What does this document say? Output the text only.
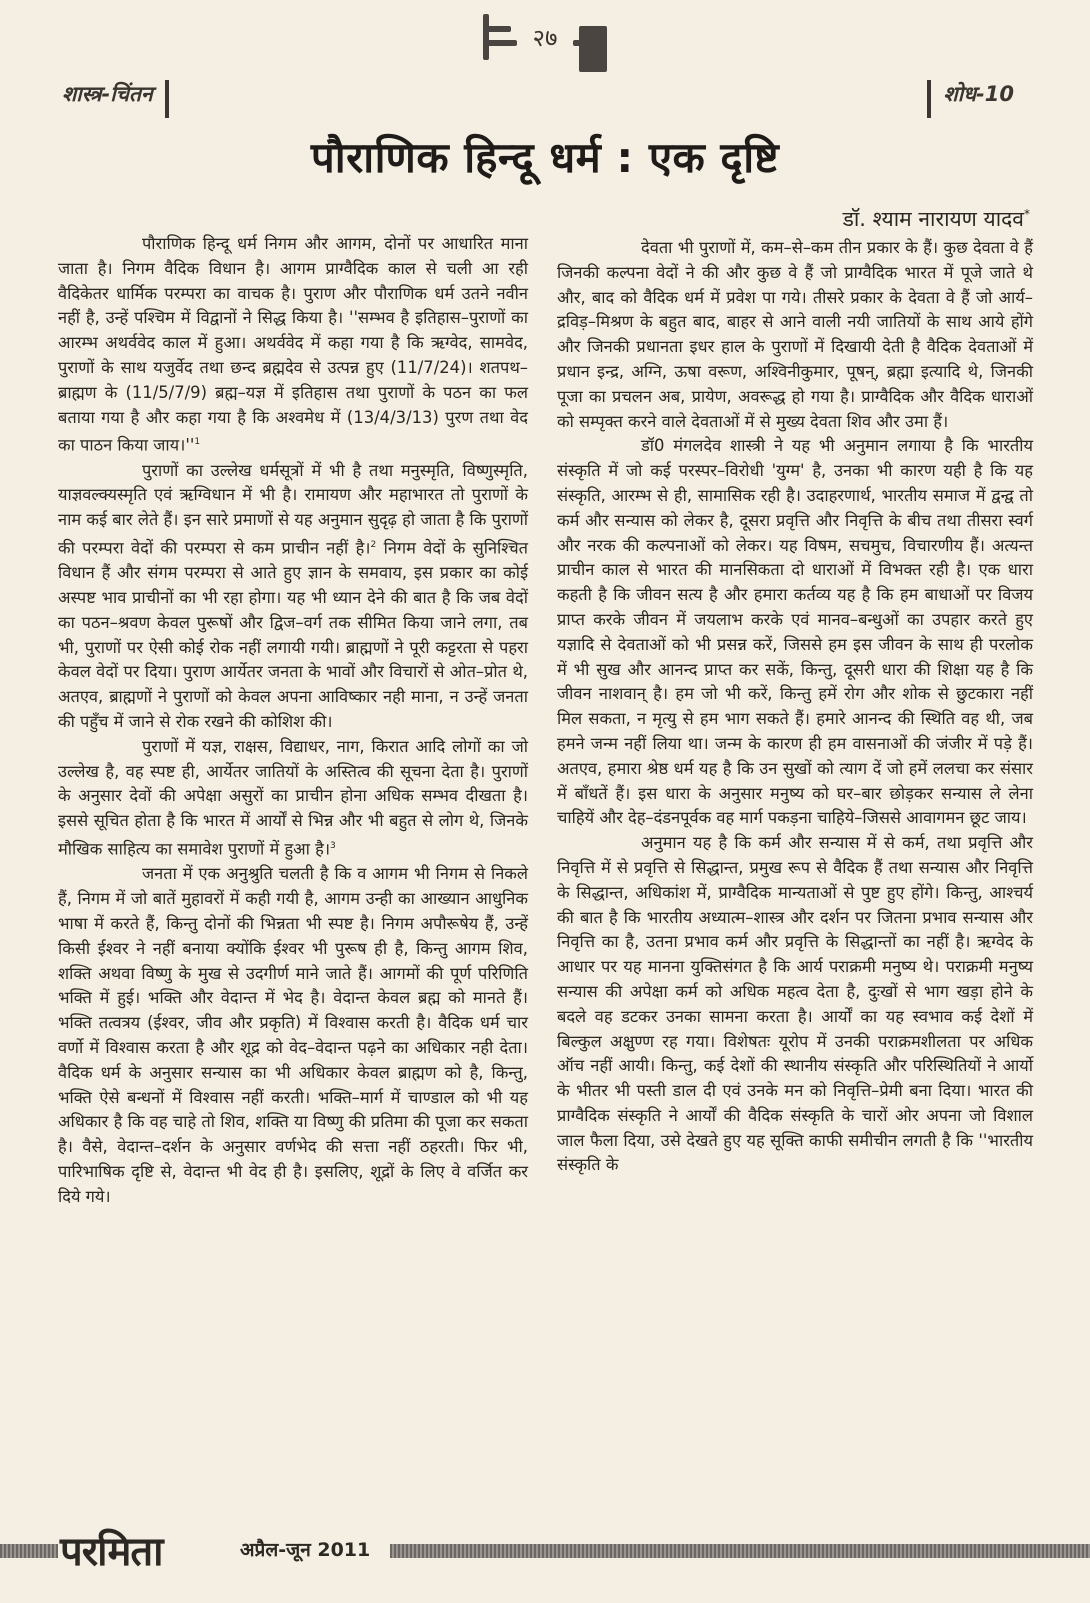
२७
शास्त्र-चिंतन	शोध-10
पौराणिक हिन्दू धर्म : एक दृष्टि
डॉ. श्याम नारायण यादव*

पौराणिक हिन्दू धर्म निगम और आगम, दोनों पर आधारित माना जाता है। निगम वैदिक विधान है। आगम प्राग्वैदिक काल से चली आ रही वैदिकेतर धार्मिक परम्परा का वाचक है। पुराण और पौराणिक धर्म उतने नवीन नहीं है, उन्हें पश्चिम में विद्वानों ने सिद्ध किया है। ''सम्भव है इतिहास–पुराणों का आरम्भ अथर्ववेद काल में हुआ। अथर्ववेद में कहा गया है कि ऋग्वेद, सामवेद, पुराणों के साथ यजुर्वेद तथा छन्द ब्रह्मदेव से उत्पन्न हुए (11/7/24)। शतपथ–ब्राह्मण के (11/5/7/9) ब्रह्म–यज्ञ में इतिहास तथा पुराणों के पठन का फल बताया गया है और कहा गया है कि अश्वमेध में (13/4/3/13) पुरण तथा वेद का पाठन किया $जाय।''^1$

पुराणों का उल्लेख धर्मसूत्रों में भी है तथा मनुस्मृति, विष्णुस्मृति, याज्ञवल्क्यस्मृति एवं ऋग्विधान में भी है। रामायण और महाभारत तो पुराणों के नाम कई बार लेते हैं। इन सारे प्रमाणों से यह अनुमान सुदृढ़ हो जाता है कि पुराणों की परम्परा वेदों की परम्परा से कम प्राचीन नहीं है।$^2$ निगम वेदों के सुनिश्चित विधान हैं और संगम परम्परा से आते हुए ज्ञान के समवाय, इस प्रकार का कोई अस्पष्ट भाव प्राचीनों का भी रहा होगा। यह भी ध्यान देने की बात है कि जब वेदों का पठन–श्रवण केवल पुरूषों और द्विज–वर्ग तक सीमित किया जाने लगा, तब भी, पुराणों पर ऐसी कोई रोक नहीं लगायी गयी। ब्राह्मणों ने पूरी कट्टरता से पहरा केवल वेदों पर दिया। पुराण आर्येतर जनता के भावों और विचारों से ओत–प्रोत थे, अतएव, ब्राह्मणों ने पुराणों को केवल अपना आविष्कार नही माना, न उन्हें जनता की पहुँच में जाने से रोक रखने की कोशिश की।

पुराणों में यज्ञ, राक्षस, विद्याधर, नाग, किरात आदि लोगों का जो उल्लेख है, वह स्पष्ट ही, आर्येतर जातियों के अस्तित्व की सूचना देता है। पुराणों के अनुसार देवों की अपेक्षा असुरों का प्राचीन होना अधिक सम्भव दीखता है। इससे सूचित होता है कि भारत में आर्यों से भिन्न और भी बहुत से लोग थे, जिनके मौखिक साहित्य का समावेश पुराणों में हुआ है।$^3$

जनता में एक अनुश्रुति चलती है कि व आगम भी निगम से निकले हैं, निगम में जो बातें मुहावरों में कही गयी है, आगम उन्ही का आख्यान आधुनिक भाषा में करते हैं, किन्तु दोनों की भिन्नता भी स्पष्ट है। निगम अपौरूषेय हैं, उन्हें किसी ईश्वर ने नहीं बनाया क्योंकि ईश्वर भी पुरूष ही है, किन्तु आगम शिव, शक्ति अथवा विष्णु के मुख से उदगीर्ण माने जाते हैं। आगमों की पूर्ण परिणिति भक्ति में हुई। भक्ति और वेदान्त में भेद है। वेदान्त केवल ब्रह्म को मानते हैं। भक्ति तत्वत्रय (ईश्वर, जीव और प्रकृति) में विश्वास करती है। वैदिक धर्म चार वर्णो में विश्वास करता है और शूद्र को वेद–वेदान्त पढ़ने का अधिकार नही देता। वैदिक धर्म के अनुसार सन्यास का भी अधिकार केवल ब्राह्मण को है, किन्तु, भक्ति ऐसे बन्धनों में विश्वास नहीं करती। भक्ति–मार्ग में चाण्डाल को भी यह अधिकार है कि वह चाहे तो शिव, शक्ति या विष्णु की प्रतिमा की पूजा कर सकता है। वैसे, वेदान्त–दर्शन के अनुसार वर्णभेद की सत्ता नहीं ठहरती। फिर भी, पारिभाषिक दृष्टि से, वेदान्त भी वेद ही है। इसलिए, शूद्रों के लिए वे वर्जित कर दिये गये।

देवता भी पुराणों में, कम–से–कम तीन प्रकार के हैं। कुछ देवता वे हैं जिनकी कल्पना वेदों ने की और कुछ वे हैं जो प्राग्वैदिक भारत में पूजे जाते थे और, बाद को वैदिक धर्म में प्रवेश पा गये। तीसरे प्रकार के देवता वे हैं जो आर्य–द्रविड़–मिश्रण के बहुत बाद, बाहर से आने वाली नयी जातियों के साथ आये होंगे और जिनकी प्रधानता इधर हाल के पुराणों में दिखायी देती है वैदिक देवताओं में प्रधान इन्द्र, अग्नि, ऊषा वरूण, अश्विनीकुमार, पूषन्, ब्रह्मा इत्यादि थे, जिनकी पूजा का प्रचलन अब, प्रायेण, अवरूद्ध हो गया है। प्राग्वैदिक और वैदिक धाराओं को सम्पृक्त करने वाले देवताओं में से मुख्य देवता शिव और उमा हैं।

डॉ0 मंगलदेव शास्त्री ने यह भी अनुमान लगाया है कि भारतीय संस्कृति में जो कई परस्पर–विरोधी 'युग्म' है, उनका भी कारण यही है कि यह संस्कृति, आरम्भ से ही, सामासिक रही है। उदाहरणार्थ, भारतीय समाज में द्वन्द्व तो कर्म और सन्यास को लेकर है, दूसरा प्रवृत्ति और निवृत्ति के बीच तथा तीसरा स्वर्ग और नरक की कल्पनाओं को लेकर। यह विषम, सचमुच, विचारणीय हैं। अत्यन्त प्राचीन काल से भारत की मानसिकता दो धाराओं में विभक्त रही है। एक धारा कहती है कि जीवन सत्य है और हमारा कर्तव्य यह है कि हम बाधाओं पर विजय प्राप्त करके जीवन में जयलाभ करके एवं मानव–बन्धुओं का उपहार करते हुए यज्ञादि से देवताओं को भी प्रसन्न करें, जिससे हम इस जीवन के साथ ही परलोक में भी सुख और आनन्द प्राप्त कर सकें, किन्तु, दूसरी धारा की शिक्षा यह है कि जीवन नाशवान् है। हम जो भी करें, किन्तु हमें रोग और शोक से छुटकारा नहीं मिल सकता, न मृत्यु से हम भाग सकते हैं। हमारे आनन्द की स्थिति वह थी, जब हमने जन्म नहीं लिया था। जन्म के कारण ही हम वासनाओं की जंजीर में पड़े हैं। अतएव, हमारा श्रेष्ठ धर्म यह है कि उन सुखों को त्याग दें जो हमें ललचा कर संसार में बाँधतें हैं। इस धारा के अनुसार मनुष्य को घर–बार छोड़कर सन्यास ले लेना चाहियें और देह–दंडनपूर्वक वह मार्ग पकड़ना चाहिये–जिससे आवागमन छूट जाय।

अनुमान यह है कि कर्म और सन्यास में से कर्म, तथा प्रवृत्ति और निवृत्ति में से प्रवृत्ति से सिद्धान्त, प्रमुख रूप से वैदिक हैं तथा सन्यास और निवृत्ति के सिद्धान्त, अधिकांश में, प्राग्वैदिक मान्यताओं से पुष्ट हुए होंगे। किन्तु, आश्चर्य की बात है कि भारतीय अध्यात्म–शास्त्र और दर्शन पर जितना प्रभाव सन्यास और निवृत्ति का है, उतना प्रभाव कर्म और प्रवृत्ति के सिद्धान्तों का नहीं है। ऋग्वेद के आधार पर यह मानना युक्तिसंगत है कि आर्य पराक्रमी मनुष्य थे। पराक्रमी मनुष्य सन्यास की अपेक्षा कर्म को अधिक महत्व देता है, दुःखों से भाग खड़ा होने के बदले वह डटकर उनका सामना करता है। आर्यों का यह स्वभाव कई देशों में बिल्कुल अक्षुण्ण रह गया। विशेषतः यूरोप में उनकी पराक्रमशीलता पर अधिक ऑच नहीं आयी। किन्तु, कई देशों की स्थानीय संस्कृति और परिस्थितियों ने आर्यो के भीतर भी पस्ती डाल दी एवं उनके मन को निवृत्ति–प्रेमी बना दिया। भारत की प्राग्वैदिक संस्कृति ने आर्यों की वैदिक संस्कृति के चारों ओर अपना जो विशाल जाल फैला दिया, उसे देखते हुए यह सूक्ति काफी समीचीन लगती है कि ''भारतीय संस्कृति के

परमिता	अप्रैल-जून 2011
